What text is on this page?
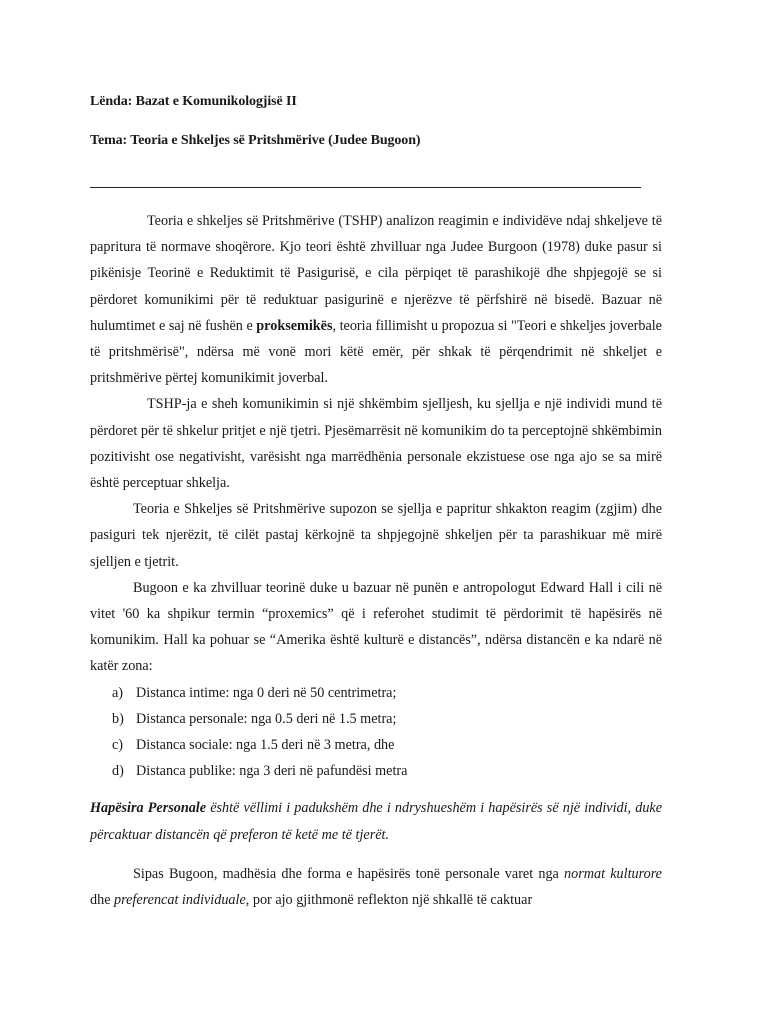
Lënda: Bazat e Komunikologjisë II
Tema: Teoria e Shkeljes së Pritshmërive (Judee Bugoon)

Teoria e shkeljes së Pritshmërive (TSHP) analizon reagimin e individëve ndaj shkeljeve të papritura të normave shoqërore. Kjo teori është zhvilluar nga Judee Burgoon (1978) duke pasur si pikënisje Teorinë e Reduktimit të Pasigurisë, e cila përpiqet të parashikojë dhe shpjegojë se si përdoret komunikimi për të reduktuar pasigurinë e njerëzve të përfshirë në bisedë. Bazuar në hulumtimet e saj në fushën e proksemikës, teoria fillimisht u propozua si "Teori e shkeljes joverbale të pritshmërisë", ndërsa më vonë mori këtë emër, për shkak të përqendrimit në shkeljet e pritshmërive përtej komunikimit joverbal.

TSHP-ja e sheh komunikimin si një shkëmbim sjelljesh, ku sjellja e një individi mund të përdoret për të shkelur pritjet e një tjetri. Pjesëmarrësit në komunikim do ta perceptojnë shkëmbimin pozitivisht ose negativisht, varësisht nga marrëdhënia personale ekzistuese ose nga ajo se sa mirë është perceptuar shkelja.

Teoria e Shkeljes së Pritshmërive supozon se sjellja e papritur shkakton reagim (zgjim) dhe pasiguri tek njerëzit, të cilët pastaj kërkojnë ta shpjegojnë shkeljen për ta parashikuar më mirë sjelljen e tjetrit.

Bugoon e ka zhvilluar teorinë duke u bazuar në punën e antropologut Edward Hall i cili në vitet '60 ka shpikur termin “proxemics” që i referohet studimit të përdorimit të hapësirës në komunikim. Hall ka pohuar se “Amerika është kulturë e distancës”, ndërsa distancën e ka ndarë në katër zona:

a) Distanca intime: nga 0 deri në 50 centrimetra;
b) Distanca personale: nga 0.5 deri në 1.5 metra;
c) Distanca sociale: nga 1.5 deri në 3 metra, dhe
d) Distanca publike: nga 3 deri në pafundësi metra

Hapësira Personale është vëllimi i padukshëm dhe i ndryshueshëm i hapësirës së një individi, duke përcaktuar distancën që preferon të ketë me të tjerët.

Sipas Bugoon, madhësia dhe forma e hapësirës tonë personale varet nga normat kulturore dhe preferencat individuale, por ajo gjithmonë reflekton një shkallë të caktuar
